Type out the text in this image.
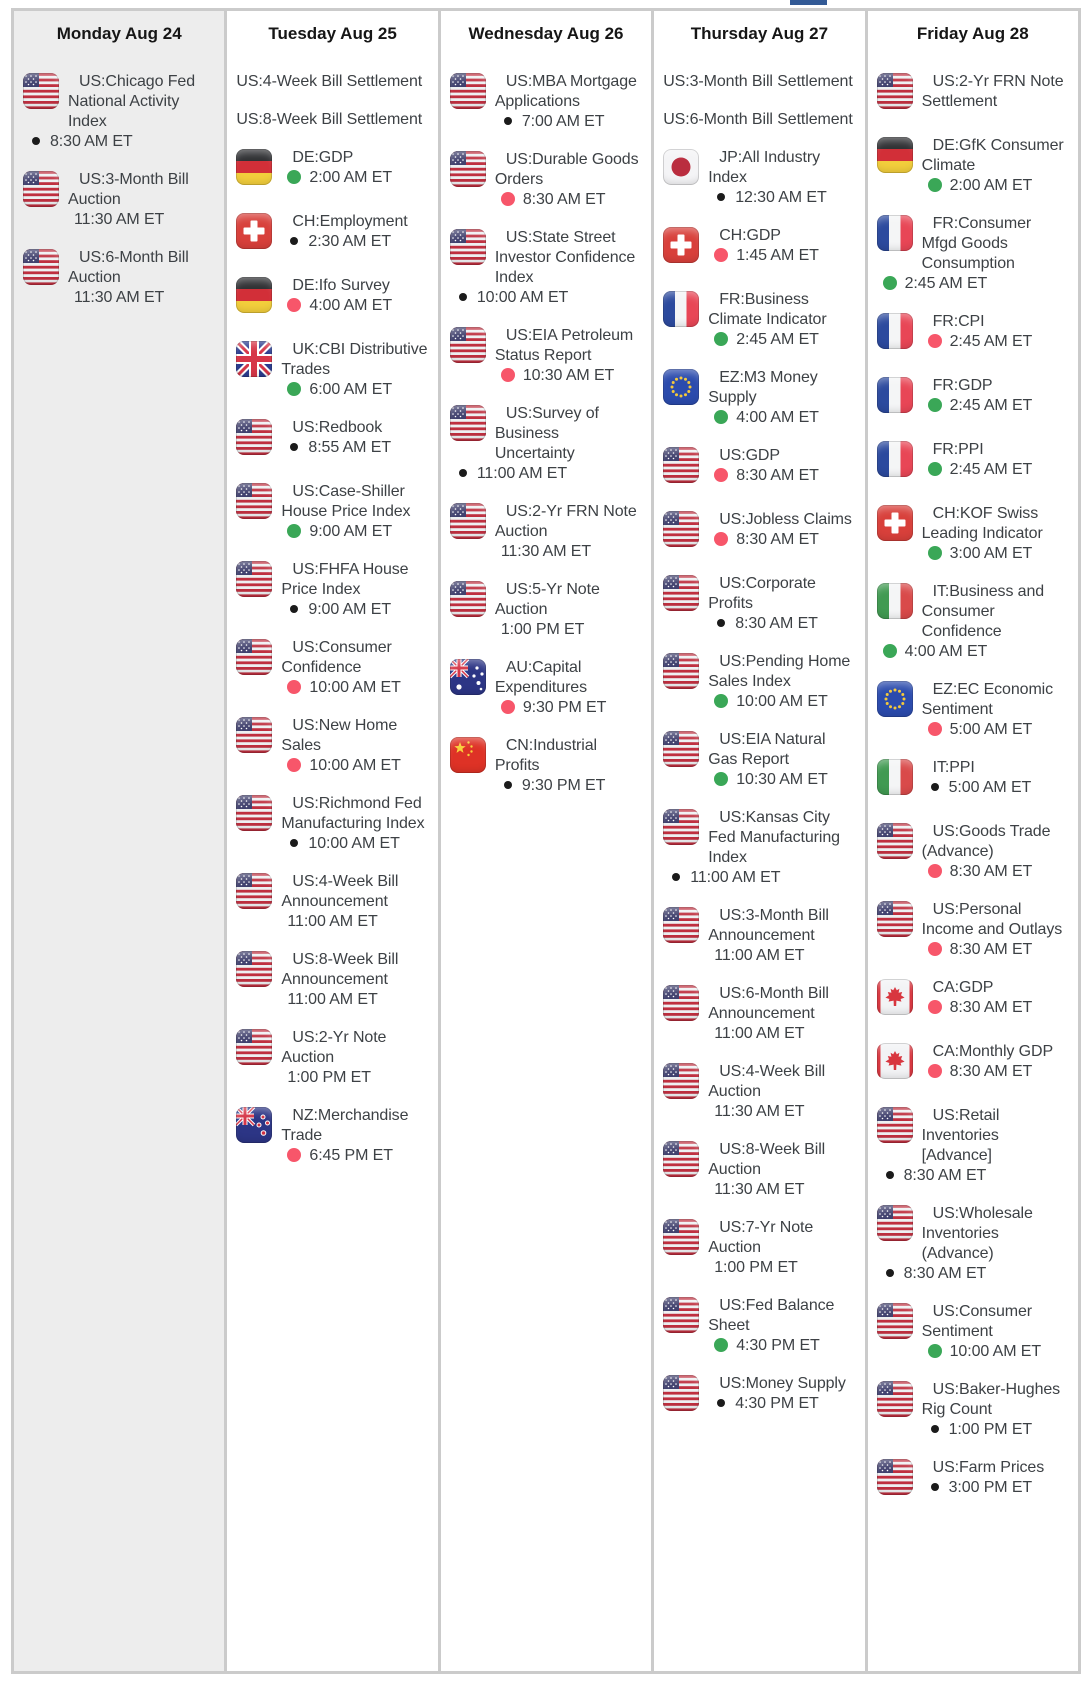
Monday Aug 24
US:Chicago Fed National Activity Index
8:30 AM ET
US:3-Month Bill Auction
11:30 AM ET
US:6-Month Bill Auction
11:30 AM ET
Tuesday Aug 25
US:4-Week Bill Settlement
US:8-Week Bill Settlement
DE:GDP
2:00 AM ET
CH:Employment
2:30 AM ET
DE:Ifo Survey
4:00 AM ET
UK:CBI Distributive Trades
6:00 AM ET
US:Redbook
8:55 AM ET
US:Case-Shiller House Price Index
9:00 AM ET
US:FHFA House Price Index
9:00 AM ET
US:Consumer Confidence
10:00 AM ET
US:New Home Sales
10:00 AM ET
US:Richmond Fed Manufacturing Index
10:00 AM ET
US:4-Week Bill Announcement
11:00 AM ET
US:8-Week Bill Announcement
11:00 AM ET
US:2-Yr Note Auction
1:00 PM ET
NZ:Merchandise Trade
6:45 PM ET
Wednesday Aug 26
US:MBA Mortgage Applications
7:00 AM ET
US:Durable Goods Orders
8:30 AM ET
US:State Street Investor Confidence Index
10:00 AM ET
US:EIA Petroleum Status Report
10:30 AM ET
US:Survey of Business Uncertainty
11:00 AM ET
US:2-Yr FRN Note Auction
11:30 AM ET
US:5-Yr Note Auction
1:00 PM ET
AU:Capital Expenditures
9:30 PM ET
CN:Industrial Profits
9:30 PM ET
Thursday Aug 27
US:3-Month Bill Settlement
US:6-Month Bill Settlement
JP:All Industry Index
12:30 AM ET
CH:GDP
1:45 AM ET
FR:Business Climate Indicator
2:45 AM ET
EZ:M3 Money Supply
4:00 AM ET
US:GDP
8:30 AM ET
US:Jobless Claims
8:30 AM ET
US:Corporate Profits
8:30 AM ET
US:Pending Home Sales Index
10:00 AM ET
US:EIA Natural Gas Report
10:30 AM ET
US:Kansas City Fed Manufacturing Index
11:00 AM ET
US:3-Month Bill Announcement
11:00 AM ET
US:6-Month Bill Announcement
11:00 AM ET
US:4-Week Bill Auction
11:30 AM ET
US:8-Week Bill Auction
11:30 AM ET
US:7-Yr Note Auction
1:00 PM ET
US:Fed Balance Sheet
4:30 PM ET
US:Money Supply
4:30 PM ET
Friday Aug 28
US:2-Yr FRN Note Settlement
DE:GfK Consumer Climate
2:00 AM ET
FR:Consumer Mfgd Goods Consumption
2:45 AM ET
FR:CPI
2:45 AM ET
FR:GDP
2:45 AM ET
FR:PPI
2:45 AM ET
CH:KOF Swiss Leading Indicator
3:00 AM ET
IT:Business and Consumer Confidence
4:00 AM ET
EZ:EC Economic Sentiment
5:00 AM ET
IT:PPI
5:00 AM ET
US:Goods Trade (Advance)
8:30 AM ET
US:Personal Income and Outlays
8:30 AM ET
CA:GDP
8:30 AM ET
CA:Monthly GDP
8:30 AM ET
US:Retail Inventories [Advance]
8:30 AM ET
US:Wholesale Inventories (Advance)
8:30 AM ET
US:Consumer Sentiment
10:00 AM ET
US:Baker-Hughes Rig Count
1:00 PM ET
US:Farm Prices
3:00 PM ET
